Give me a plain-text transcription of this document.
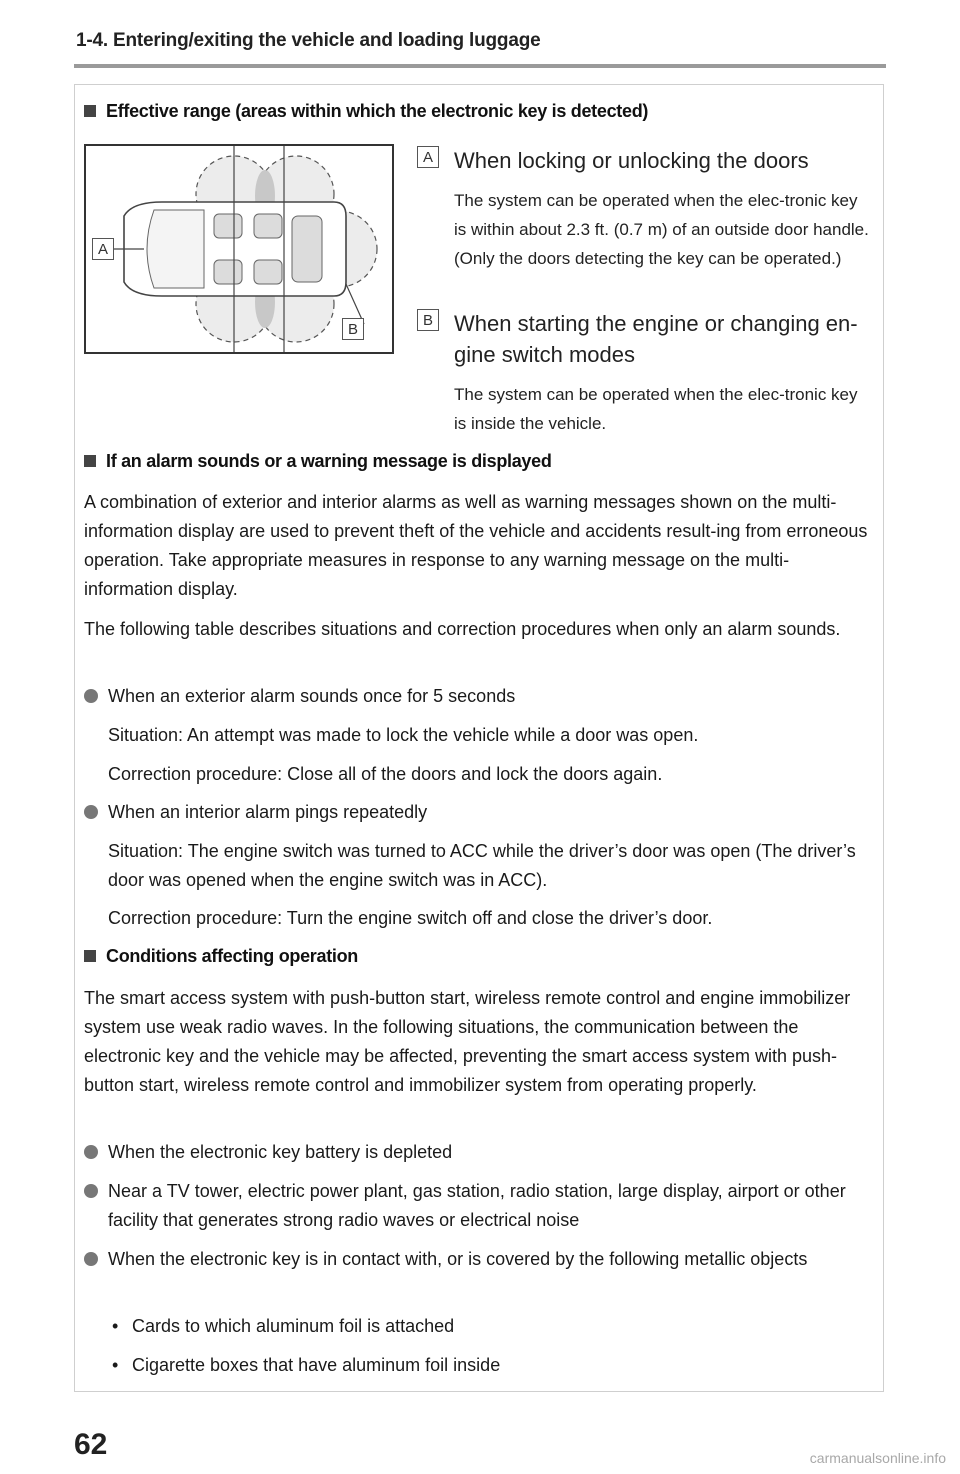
1-4. Entering/exiting the vehicle and loading luggage
Effective range (areas within which the electronic key is detected)
A
B
A When locking or unlocking the doors
The system can be operated when the elec-tronic key is within about 2.3 ft. (0.7 m) of an outside door handle. (Only the doors detecting the key can be operated.)
B When starting the engine or changing en-gine switch modes
The system can be operated when the elec-tronic key is inside the vehicle.
If an alarm sounds or a warning message is displayed
A combination of exterior and interior alarms as well as warning messages shown on the multi-information display are used to prevent theft of the vehicle and accidents result-ing from erroneous operation. Take appropriate measures in response to any warning message on the multi-information display.
The following table describes situations and correction procedures when only an alarm sounds.
When an exterior alarm sounds once for 5 seconds
Situation: An attempt was made to lock the vehicle while a door was open.
Correction procedure: Close all of the doors and lock the doors again.
When an interior alarm pings repeatedly
Situation: The engine switch was turned to ACC while the driver’s door was open (The driver’s door was opened when the engine switch was in ACC).
Correction procedure: Turn the engine switch off and close the driver’s door.
Conditions affecting operation
The smart access system with push-button start, wireless remote control and engine immobilizer system use weak radio waves. In the following situations, the communication between the electronic key and the vehicle may be affected, preventing the smart access system with push-button start, wireless remote control and immobilizer system from operating properly.
When the electronic key battery is depleted
Near a TV tower, electric power plant, gas station, radio station, large display, airport or other facility that generates strong radio waves or electrical noise
When the electronic key is in contact with, or is covered by the following metallic objects
• Cards to which aluminum foil is attached
• Cigarette boxes that have aluminum foil inside
62	carmanualsonline.info
